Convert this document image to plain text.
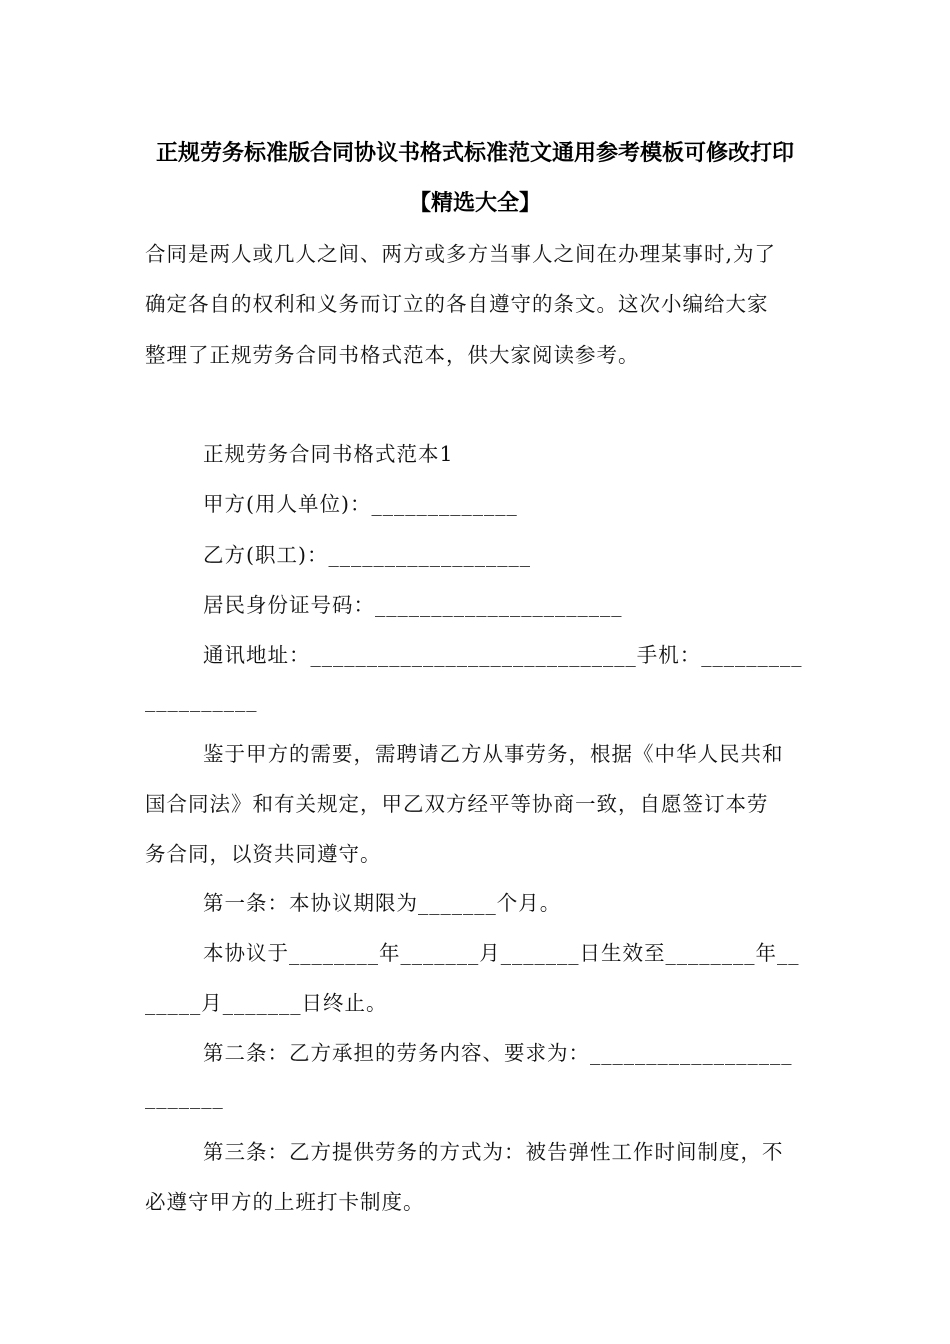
正规劳务标准版合同协议书格式标准范文通用参考模板可修改打印
【精选大全】
合同是两人或几人之间、两方或多方当事人之间在办理某事时,为了
确定各自的权利和义务而订立的各自遵守的条文。这次小编给大家
整理了正规劳务合同书格式范本，供大家阅读参考。
正规劳务合同书格式范本1
甲方(用人单位)：_____________
乙方(职工)：__________________
居民身份证号码：______________________
通讯地址：_____________________________手机：_________
__________
鉴于甲方的需要，需聘请乙方从事劳务，根据《中华人民共和
国合同法》和有关规定，甲乙双方经平等协商一致，自愿签订本劳
务合同，以资共同遵守。
第一条：本协议期限为_______个月。
本协议于________年_______月_______日生效至________年__
_____月_______日终止。
第二条：乙方承担的劳务内容、要求为：__________________
_______
第三条：乙方提供劳务的方式为：被告弹性工作时间制度，不
必遵守甲方的上班打卡制度。
